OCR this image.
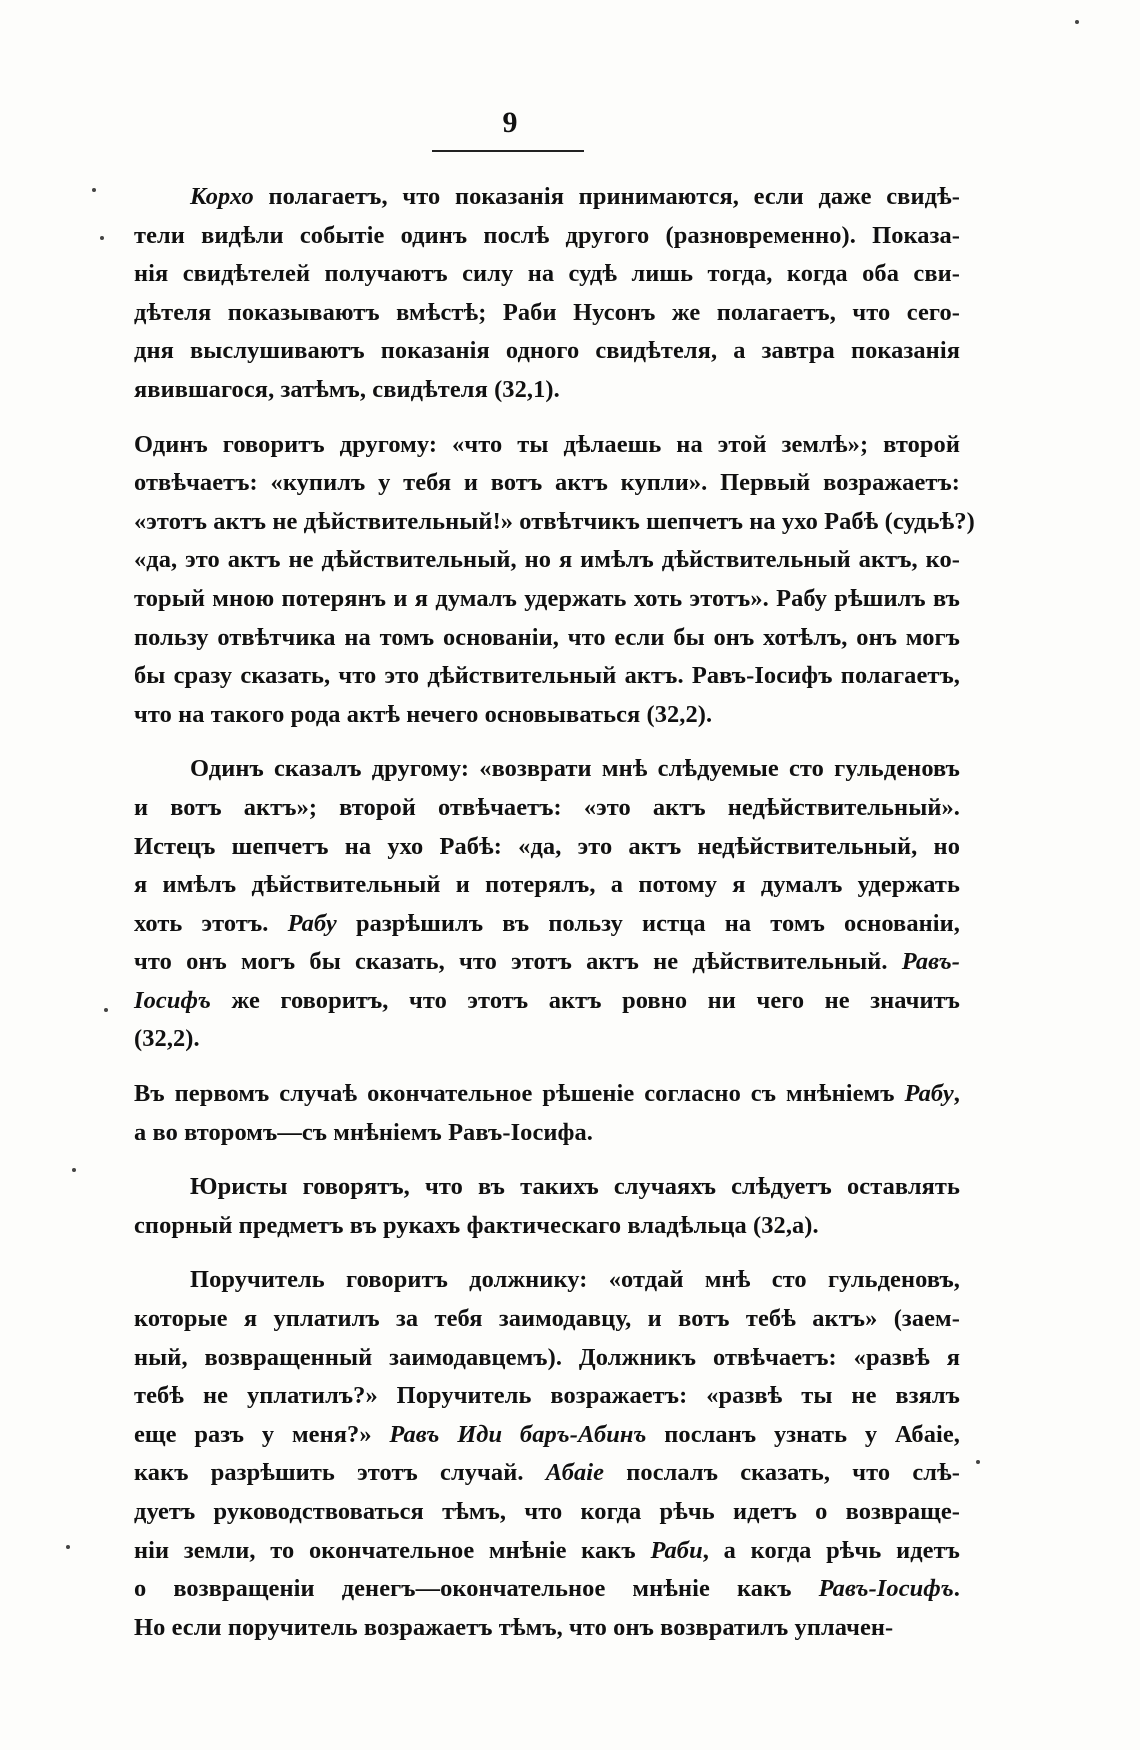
9
Корхо полагаетъ, что показанія принимаются, если даже свидѣ-
тели видѣли событіе одинъ послѣ другого (разновременно). Показа-
нія свидѣтелей получаютъ силу на судѣ лишь тогда, когда оба сви-
дѣтеля показываютъ вмѣстѣ; Раби Нусонъ же полагаетъ, что сего-
дня выслушиваютъ показанія одного свидѣтеля, а завтра показанія
явившагося, затѣмъ, свидѣтеля (32,1).
Одинъ говоритъ другому: «что ты дѣлаешь на этой землѣ»; второй
отвѣчаетъ: «купилъ у тебя и вотъ актъ купли». Первый возражаетъ:
«этотъ актъ не дѣйствительный!» отвѣтчикъ шепчетъ на ухо Рабѣ (судьѣ?)
«да, это актъ не дѣйствительный, но я имѣлъ дѣйствительный актъ, ко-
торый мною потерянъ и я думалъ удержать хоть этотъ». Рабу рѣшилъ въ
пользу отвѣтчика на томъ основаніи, что если бы онъ хотѣлъ, онъ могъ
бы сразу сказать, что это дѣйствительный актъ. Равъ-Іосифъ полагаетъ,
что на такого рода актѣ нечего основываться (32,2).
Одинъ сказалъ другому: «возврати мнѣ слѣдуемые сто гульденовъ
и вотъ актъ»; второй отвѣчаетъ: «это актъ недѣйствительный».
Истецъ шепчетъ на ухо Рабѣ: «да, это актъ недѣйствительный, но
я имѣлъ дѣйствительный и потерялъ, а потому я думалъ удержать
хоть этотъ. Рабу разрѣшилъ въ пользу истца на томъ основаніи,
что онъ могъ бы сказать, что этотъ актъ не дѣйствительный. Равъ-
Іосифъ же говоритъ, что этотъ актъ ровно ни чего не значитъ
(32,2).
Въ первомъ случаѣ окончательное рѣшеніе согласно съ мнѣніемъ Рабу,
а во второмъ—съ мнѣніемъ Равъ-Іосифа.
Юристы говорятъ, что въ такихъ случаяхъ слѣдуетъ оставлять
спорный предметъ въ рукахъ фактическаго владѣльца (32,а).
Поручитель говоритъ должнику: «отдай мнѣ сто гульденовъ,
которые я уплатилъ за тебя заимодавцу, и вотъ тебѣ актъ» (заем-
ный, возвращенный заимодавцемъ). Должникъ отвѣчаетъ: «развѣ я
тебѣ не уплатилъ?» Поручитель возражаетъ: «развѣ ты не взялъ
еще разъ у меня?» Равъ Иди баръ-Абинъ посланъ узнать у Абаіе,
какъ разрѣшить этотъ случай. Абаіе послалъ сказать, что слѣ-
дуетъ руководствоваться тѣмъ, что когда рѣчь идетъ о возвраще-
ніи земли, то окончательное мнѣніе какъ Раби, а когда рѣчь идетъ
о возвращеніи денегъ—окончательное мнѣніе какъ Равъ-Іосифъ.
Но если поручитель возражаетъ тѣмъ, что онъ возвратилъ уплачен-
